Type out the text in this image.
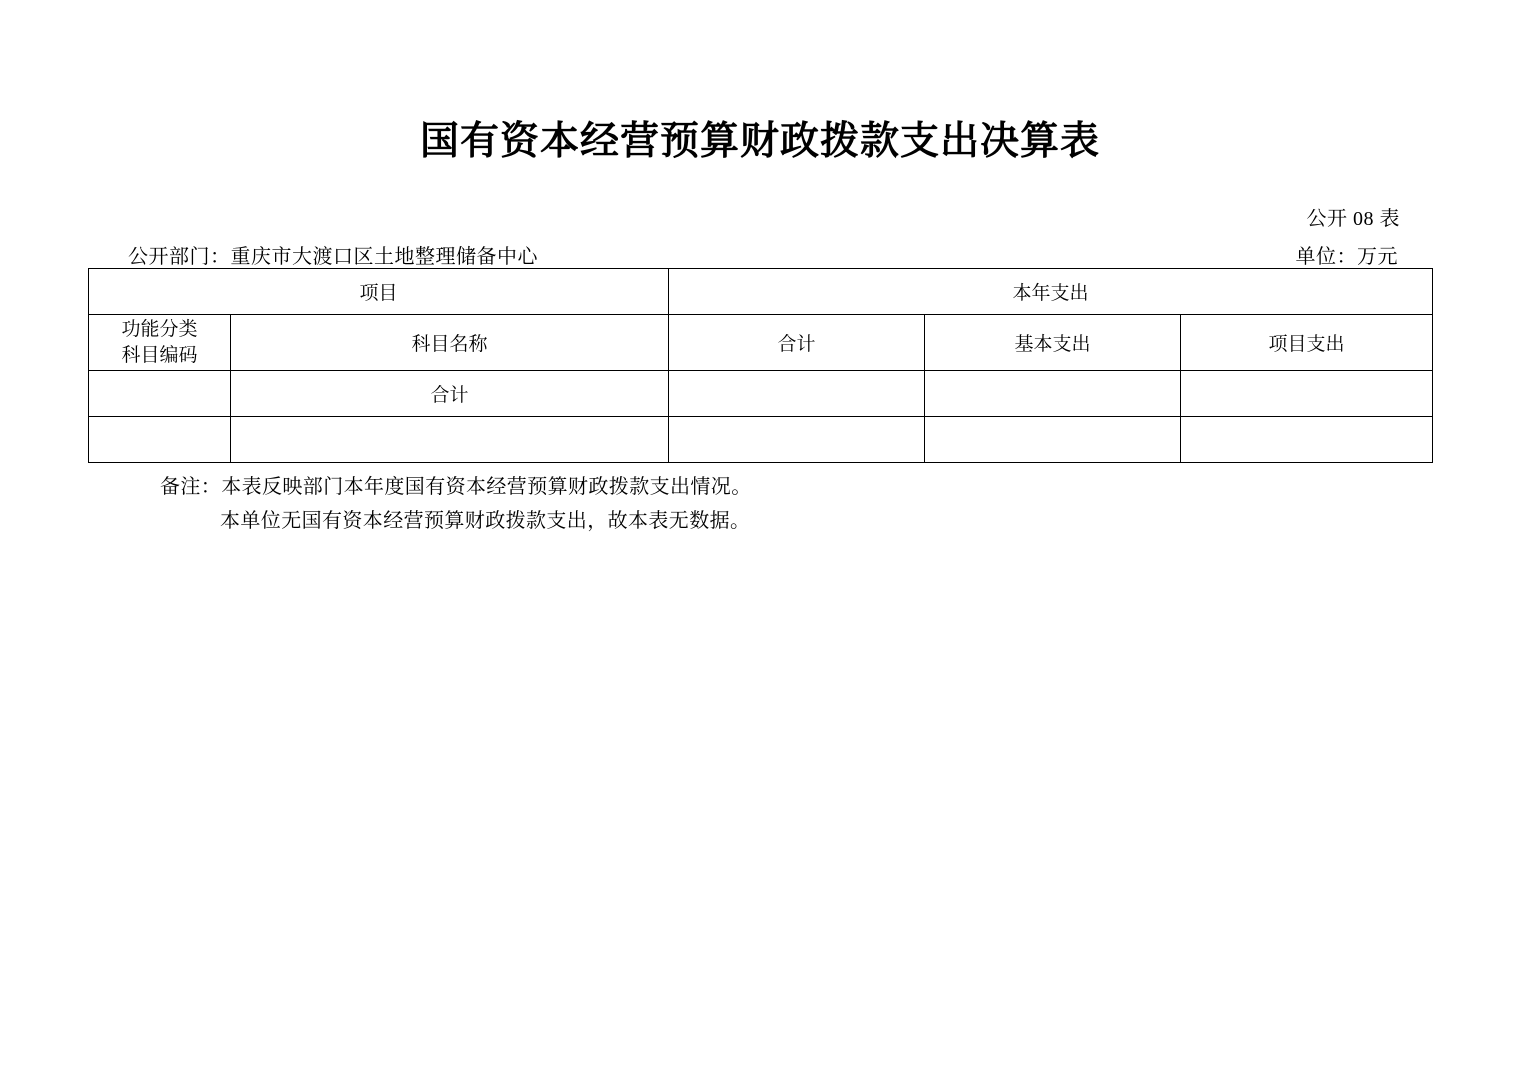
国有资本经营预算财政拨款支出决算表
公开 08 表
公开部门：重庆市大渡口区土地整理储备中心	单位：万元
项目		本年支出		

功能分类
科目编码	科目名称	合计	基本支出	项目支出
	合计			

备注：本表反映部门本年度国有资本经营预算财政拨款支出情况。
本单位无国有资本经营预算财政拨款支出，故本表无数据。
